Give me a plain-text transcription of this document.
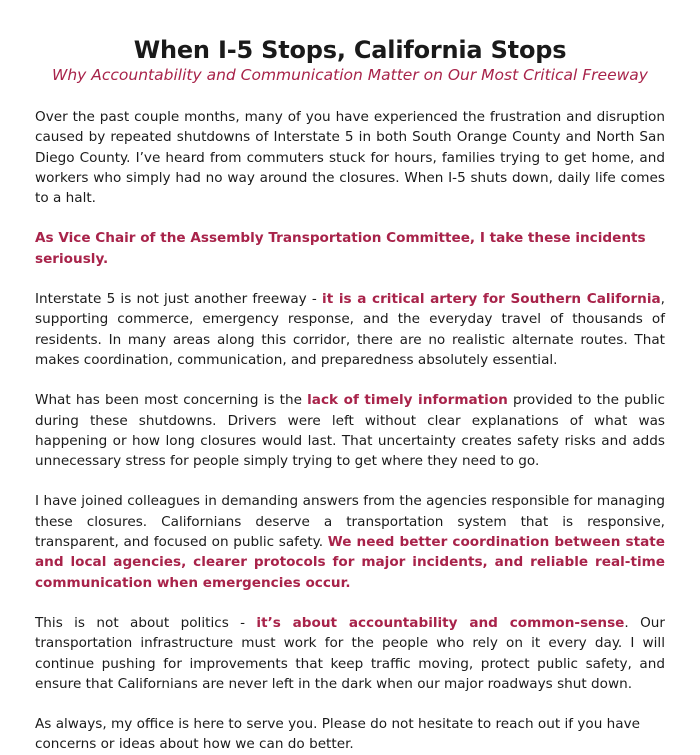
When I-5 Stops, California Stops
Why Accountability and Communication Matter on Our Most Critical Freeway

Over the past couple months, many of you have experienced the frustration and disruption caused by repeated shutdowns of Interstate 5 in both South Orange County and North San Diego County. I’ve heard from commuters stuck for hours, families trying to get home, and workers who simply had no way around the closures. When I-5 shuts down, daily life comes to a halt.

As Vice Chair of the Assembly Transportation Committee, I take these incidents seriously.

Interstate 5 is not just another freeway - it is a critical artery for Southern California, supporting commerce, emergency response, and the everyday travel of thousands of residents. In many areas along this corridor, there are no realistic alternate routes. That makes coordination, communication, and preparedness absolutely essential.

What has been most concerning is the lack of timely information provided to the public during these shutdowns. Drivers were left without clear explanations of what was happening or how long closures would last. That uncertainty creates safety risks and adds unnecessary stress for people simply trying to get where they need to go.

I have joined colleagues in demanding answers from the agencies responsible for managing these closures. Californians deserve a transportation system that is responsive, transparent, and focused on public safety. We need better coordination between state and local agencies, clearer protocols for major incidents, and reliable real-time communication when emergencies occur.

This is not about politics - it’s about accountability and common-sense. Our transportation infrastructure must work for the people who rely on it every day. I will continue pushing for improvements that keep traffic moving, protect public safety, and ensure that Californians are never left in the dark when our major roadways shut down.

As always, my office is here to serve you. Please do not hesitate to reach out if you have concerns or ideas about how we can do better.
